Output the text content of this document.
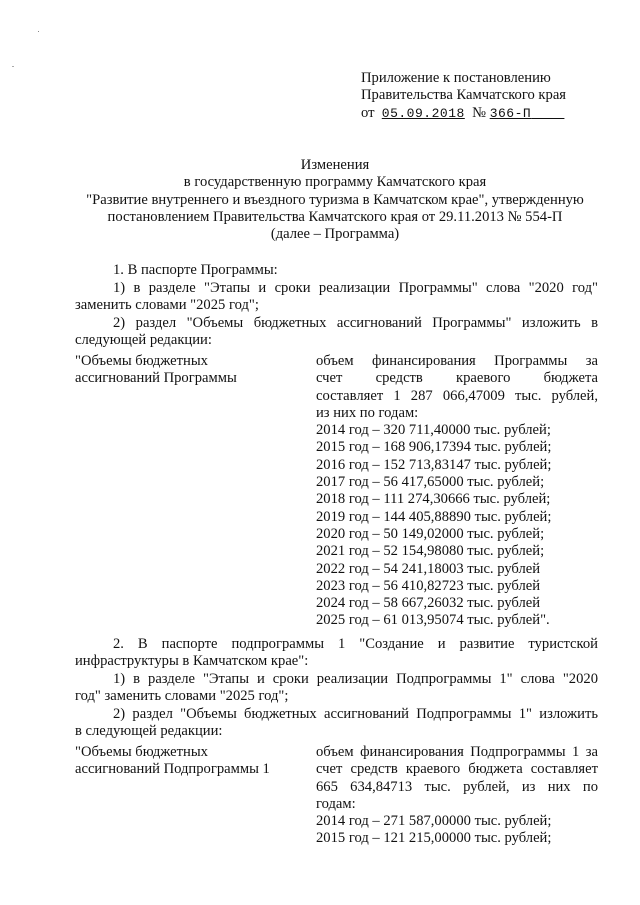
Приложение к постановлению
Правительства Камчатского края
от 05.09.2018 № 366-П
Изменения
в государственную программу Камчатского края
"Развитие внутреннего и въездного туризма в Камчатском крае", утвержденную
постановлением Правительства Камчатского края от 29.11.2013 № 554-П
(далее – Программа)
1. В паспорте Программы:
1) в разделе "Этапы и сроки реализации Программы" слова "2020 год"
заменить словами "2025 год";
2) раздел "Объемы бюджетных ассигнований Программы" изложить в
следующей редакции:
"Объемы бюджетных
ассигнований Программы
объем финансирования Программы за
счет средств краевого бюджета
составляет 1 287 066,47009 тыс. рублей,
из них по годам:
2014 год – 320 711,40000 тыс. рублей;
2015 год – 168 906,17394 тыс. рублей;
2016 год – 152 713,83147 тыс. рублей;
2017 год – 56 417,65000 тыс. рублей;
2018 год – 111 274,30666 тыс. рублей;
2019 год – 144 405,88890 тыс. рублей;
2020 год – 50 149,02000 тыс. рублей;
2021 год – 52 154,98080 тыс. рублей;
2022 год – 54 241,18003 тыс. рублей
2023 год – 56 410,82723 тыс. рублей
2024 год – 58 667,26032 тыс. рублей
2025 год – 61 013,95074 тыс. рублей".
2. В паспорте подпрограммы 1 "Создание и развитие туристской
инфраструктуры в Камчатском крае":
1) в разделе "Этапы и сроки реализации Подпрограммы 1" слова "2020
год" заменить словами "2025 год";
2) раздел "Объемы бюджетных ассигнований Подпрограммы 1" изложить
в следующей редакции:
"Объемы бюджетных
ассигнований Подпрограммы 1
объем финансирования Подпрограммы 1 за
счет средств краевого бюджета составляет
665 634,84713 тыс. рублей, из них по
годам:
2014 год – 271 587,00000 тыс. рублей;
2015 год – 121 215,00000 тыс. рублей;
